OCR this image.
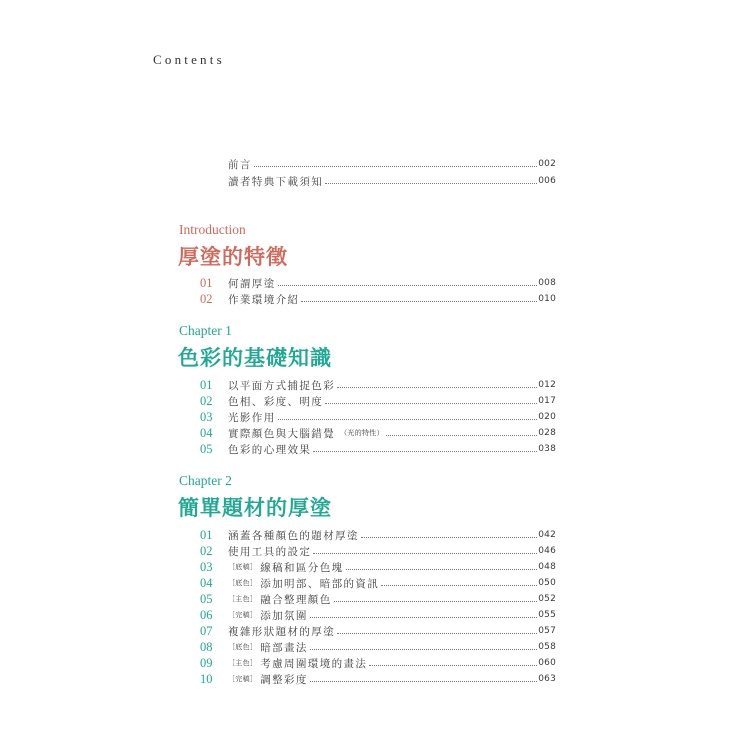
Contents
前言	002
讀者特典下載須知	006
Introduction
厚塗的特徵
01	何謂厚塗	008
02	作業環境介紹	010
Chapter 1
色彩的基礎知識
01	以平面方式捕捉色彩	012
02	色相、彩度、明度	017
03	光影作用	020
04	實際顏色與大腦錯覺 （光的特性）	028
05	色彩的心理效果	038
Chapter 2
簡單題材的厚塗
01	涵蓋各種顏色的題材厚塗	042
02	使用工具的設定	046
03	［底稿］ 線稿和區分色塊	048
04	［底色］ 添加明部、暗部的資訊	050
05	［主色］ 融合整理顏色	052
06	［完稿］ 添加氛圍	055
07	複雜形狀題材的厚塗	057
08	［底色］ 暗部畫法	058
09	［主色］ 考慮周圍環境的畫法	060
10	［完稿］ 調整彩度	063
